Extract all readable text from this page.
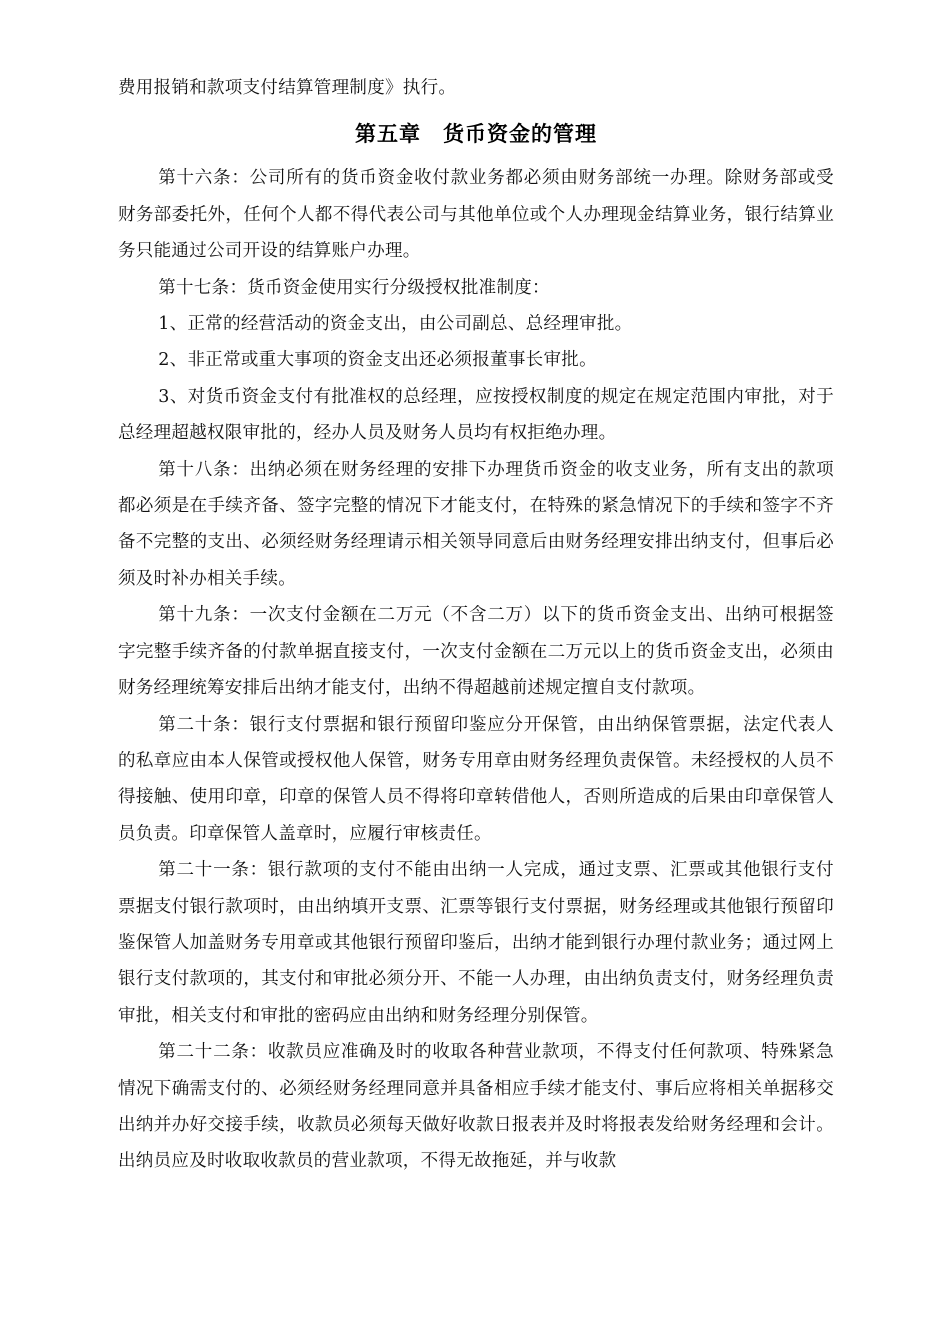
费用报销和款项支付结算管理制度》执行。

第五章 货币资金的管理

第十六条：公司所有的货币资金收付款业务都必须由财务部统一办理。除财务部或受财务部委托外，任何个人都不得代表公司与其他单位或个人办理现金结算业务，银行结算业务只能通过公司开设的结算账户办理。

第十七条：货币资金使用实行分级授权批准制度：

1、正常的经营活动的资金支出，由公司副总、总经理审批。

2、非正常或重大事项的资金支出还必须报董事长审批。

3、对货币资金支付有批准权的总经理，应按授权制度的规定在规定范围内审批，对于总经理超越权限审批的，经办人员及财务人员均有权拒绝办理。

第十八条：出纳必须在财务经理的安排下办理货币资金的收支业务，所有支出的款项都必须是在手续齐备、签字完整的情况下才能支付，在特殊的紧急情况下的手续和签字不齐备不完整的支出、必须经财务经理请示相关领导同意后由财务经理安排出纳支付，但事后必须及时补办相关手续。

第十九条：一次支付金额在二万元（不含二万）以下的货币资金支出、出纳可根据签字完整手续齐备的付款单据直接支付，一次支付金额在二万元以上的货币资金支出，必须由财务经理统筹安排后出纳才能支付，出纳不得超越前述规定擅自支付款项。

第二十条：银行支付票据和银行预留印鉴应分开保管，由出纳保管票据，法定代表人的私章应由本人保管或授权他人保管，财务专用章由财务经理负责保管。未经授权的人员不得接触、使用印章，印章的保管人员不得将印章转借他人，否则所造成的后果由印章保管人员负责。印章保管人盖章时，应履行审核责任。

第二十一条：银行款项的支付不能由出纳一人完成，通过支票、汇票或其他银行支付票据支付银行款项时，由出纳填开支票、汇票等银行支付票据，财务经理或其他银行预留印鉴保管人加盖财务专用章或其他银行预留印鉴后，出纳才能到银行办理付款业务；通过网上银行支付款项的，其支付和审批必须分开、不能一人办理，由出纳负责支付，财务经理负责审批，相关支付和审批的密码应由出纳和财务经理分别保管。

第二十二条：收款员应准确及时的收取各种营业款项，不得支付任何款项、特殊紧急情况下确需支付的、必须经财务经理同意并具备相应手续才能支付、事后应将相关单据移交出纳并办好交接手续，收款员必须每天做好收款日报表并及时将报表发给财务经理和会计。出纳员应及时收取收款员的营业款项，不得无故拖延，并与收款
